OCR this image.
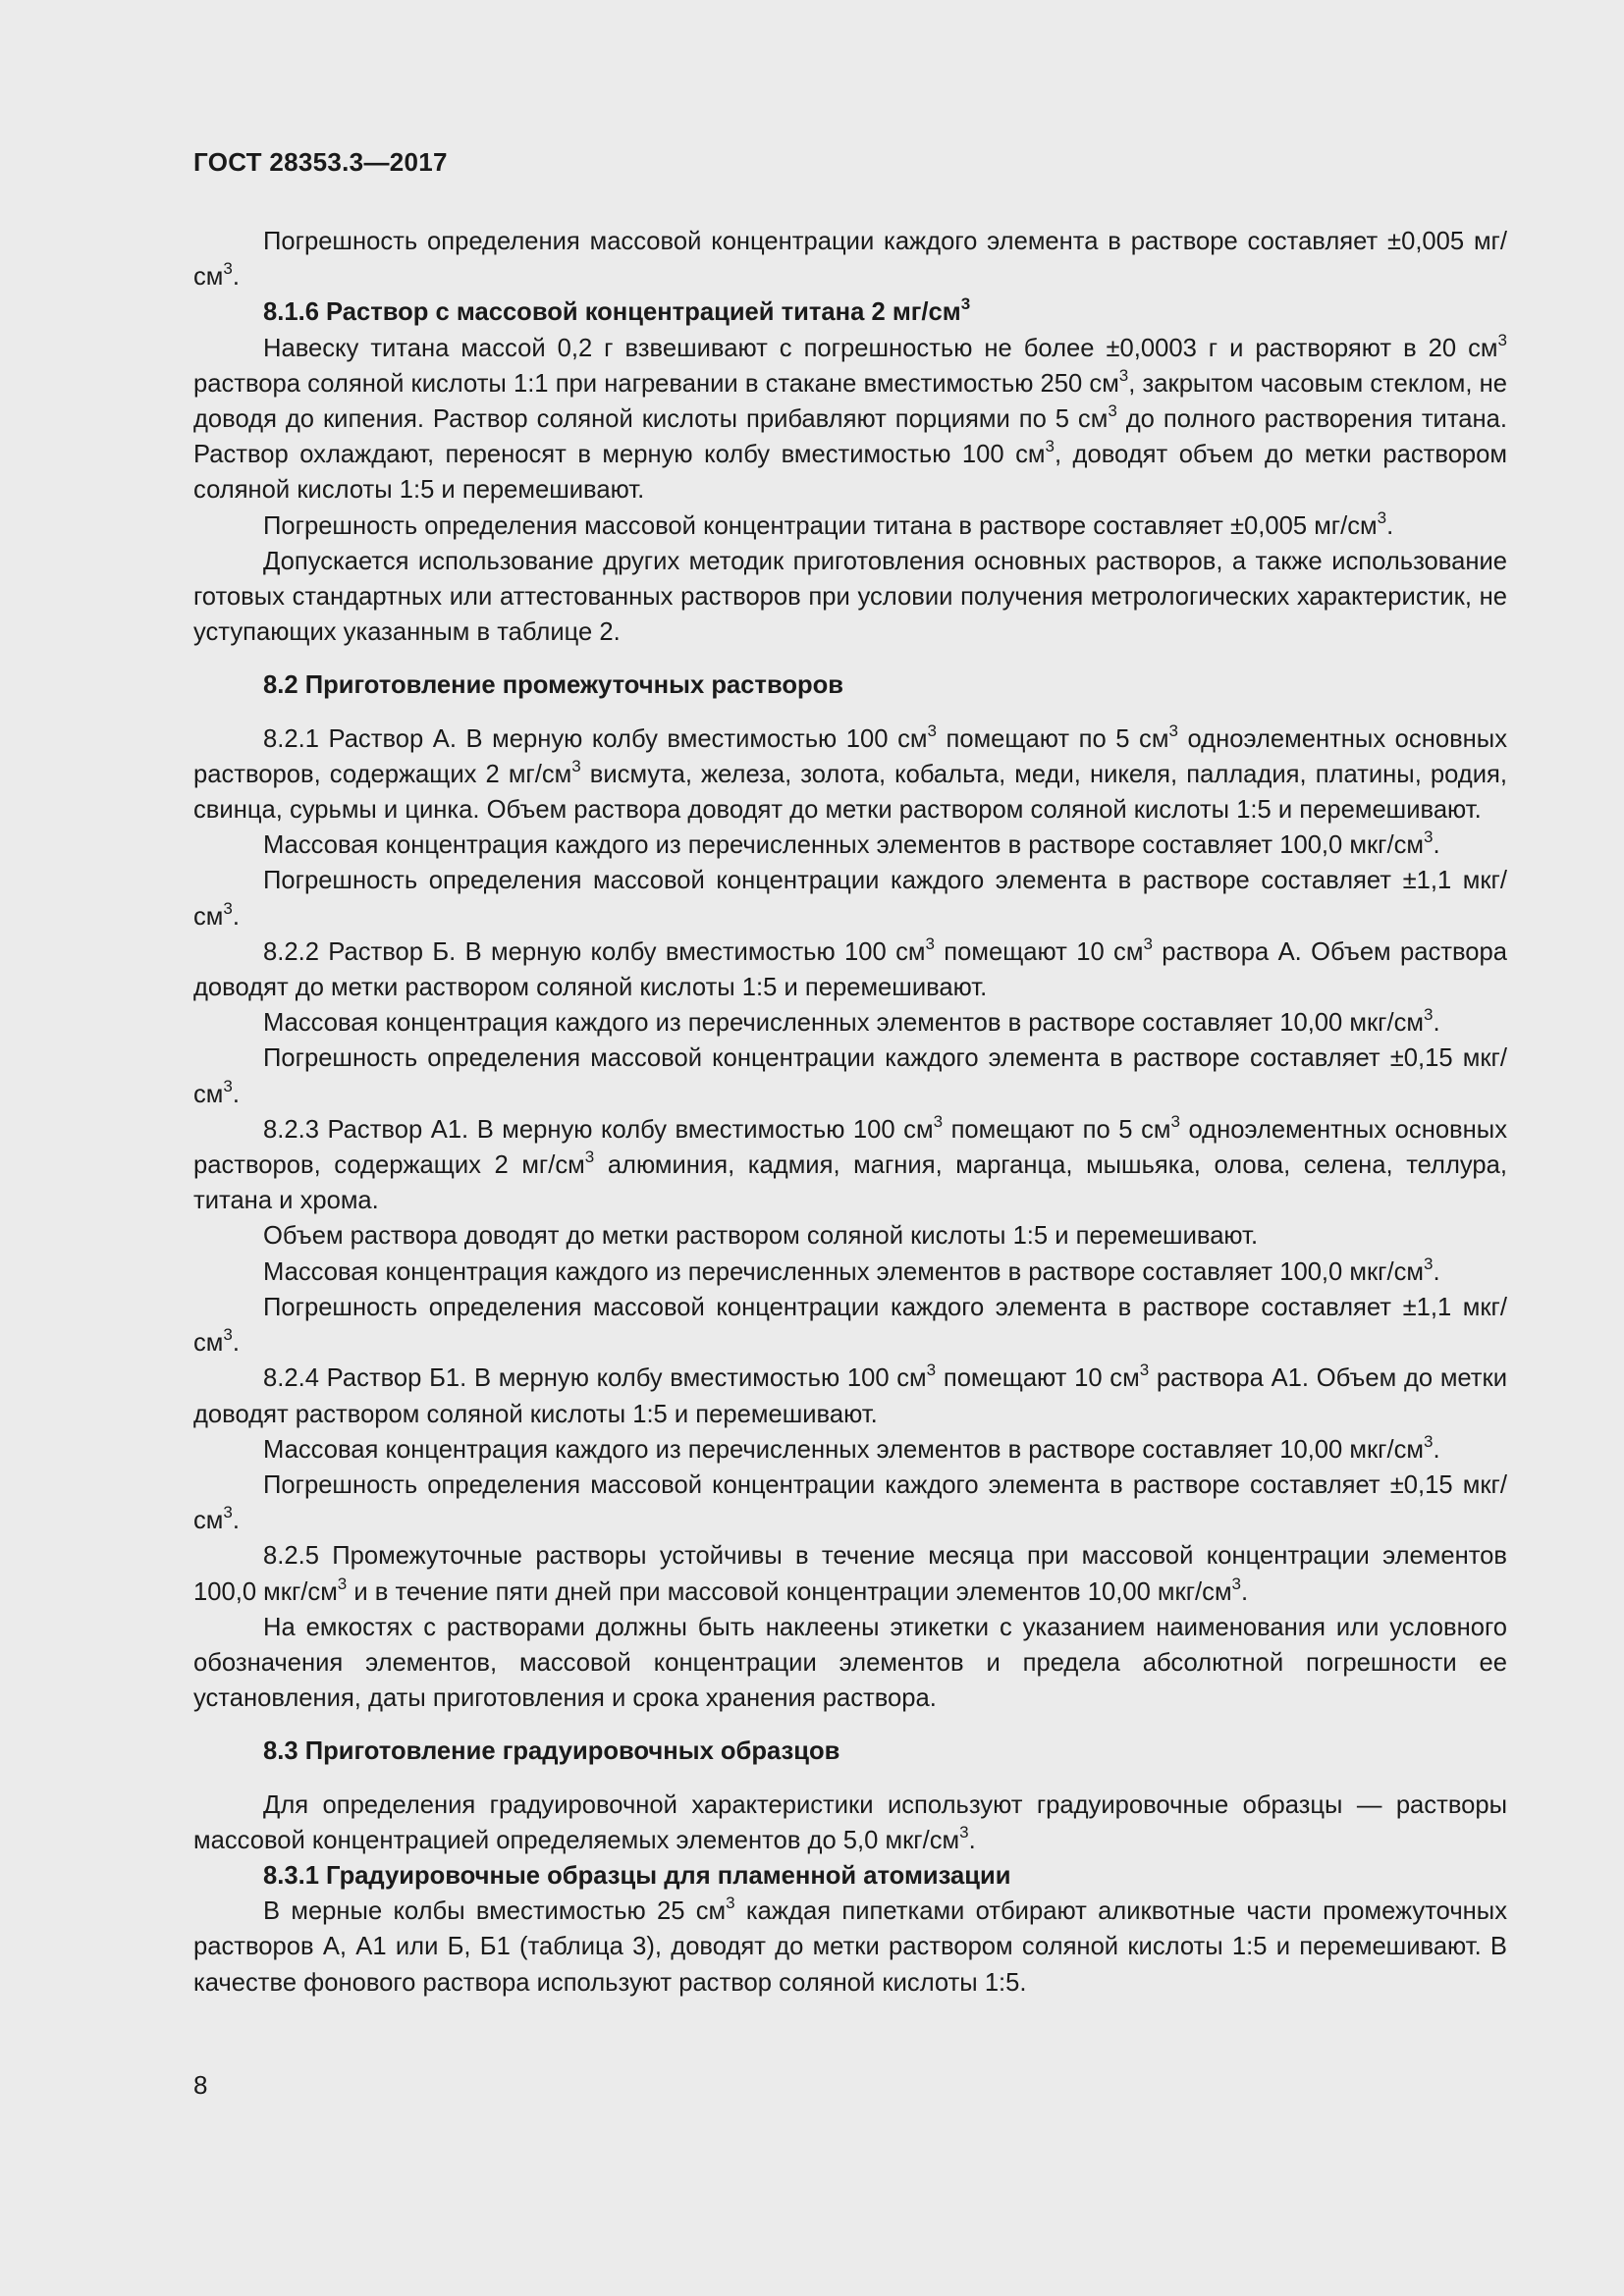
ГОСТ 28353.3—2017

Погрешность определения массовой концентрации каждого элемента в растворе составляет ±0,005 $мг/см^3$.

8.1.6 Раствор с массовой концентрацией титана 2 $мг/см^3$

Навеску титана массой 0,2 г взвешивают с погрешностью не более ±0,0003 г и растворяют в 20 $см^3$ раствора соляной кислоты 1:1 при нагревании в стакане вместимостью 250 $см^3$, закрытом часовым стеклом, не доводя до кипения. Раствор соляной кислоты прибавляют порциями по 5 $см^3$ до полного растворения титана. Раствор охлаждают, переносят в мерную колбу вместимостью 100 $см^3$, доводят объем до метки раствором соляной кислоты 1:5 и перемешивают.

Погрешность определения массовой концентрации титана в растворе составляет ±0,005 $мг/см^3$.

Допускается использование других методик приготовления основных растворов, а также использование готовых стандартных или аттестованных растворов при условии получения метрологических характеристик, не уступающих указанным в таблице 2.

8.2 Приготовление промежуточных растворов

8.2.1 Раствор А. В мерную колбу вместимостью 100 $см^3$ помещают по 5 $см^3$ одноэлементных основных растворов, содержащих 2 $мг/см^3$ висмута, железа, золота, кобальта, меди, никеля, палладия, платины, родия, свинца, сурьмы и цинка. Объем раствора доводят до метки раствором соляной кислоты 1:5 и перемешивают.

Массовая концентрация каждого из перечисленных элементов в растворе составляет 100,0 мкг/$см^3$.

Погрешность определения массовой концентрации каждого элемента в растворе составляет ±1,1 мкг/$см^3$.

8.2.2 Раствор Б. В мерную колбу вместимостью 100 $см^3$ помещают 10 $см^3$ раствора А. Объем раствора доводят до метки раствором соляной кислоты 1:5 и перемешивают.

Массовая концентрация каждого из перечисленных элементов в растворе составляет 10,00 мкг/$см^3$.

Погрешность определения массовой концентрации каждого элемента в растворе составляет ±0,15 мкг/$см^3$.

8.2.3 Раствор А1. В мерную колбу вместимостью 100 $см^3$ помещают по 5 $см^3$ одноэлементных основных растворов, содержащих 2 $мг/см^3$ алюминия, кадмия, магния, марганца, мышьяка, олова, селена, теллура, титана и хрома.

Объем раствора доводят до метки раствором соляной кислоты 1:5 и перемешивают.

Массовая концентрация каждого из перечисленных элементов в растворе составляет 100,0 мкг/$см^3$.

Погрешность определения массовой концентрации каждого элемента в растворе составляет ±1,1 мкг/$см^3$.

8.2.4 Раствор Б1. В мерную колбу вместимостью 100 $см^3$ помещают 10 $см^3$ раствора А1. Объем до метки доводят раствором соляной кислоты 1:5 и перемешивают.

Массовая концентрация каждого из перечисленных элементов в растворе составляет 10,00 мкг/$см^3$.

Погрешность определения массовой концентрации каждого элемента в растворе составляет ±0,15 мкг/$см^3$.

8.2.5 Промежуточные растворы устойчивы в течение месяца при массовой концентрации элементов 100,0 мкг/$см^3$ и в течение пяти дней при массовой концентрации элементов 10,00 мкг/$см^3$.

На емкостях с растворами должны быть наклеены этикетки с указанием наименования или условного обозначения элементов, массовой концентрации элементов и предела абсолютной погрешности ее установления, даты приготовления и срока хранения раствора.

8.3 Приготовление градуировочных образцов

Для определения градуировочной характеристики используют градуировочные образцы — растворы массовой концентрацией определяемых элементов до 5,0 мкг/$см^3$.

8.3.1 Градуировочные образцы для пламенной атомизации

В мерные колбы вместимостью 25 $см^3$ каждая пипетками отбирают аликвотные части промежуточных растворов А, А1 или Б, Б1 (таблица 3), доводят до метки раствором соляной кислоты 1:5 и перемешивают. В качестве фонового раствора используют раствор соляной кислоты 1:5.

8
